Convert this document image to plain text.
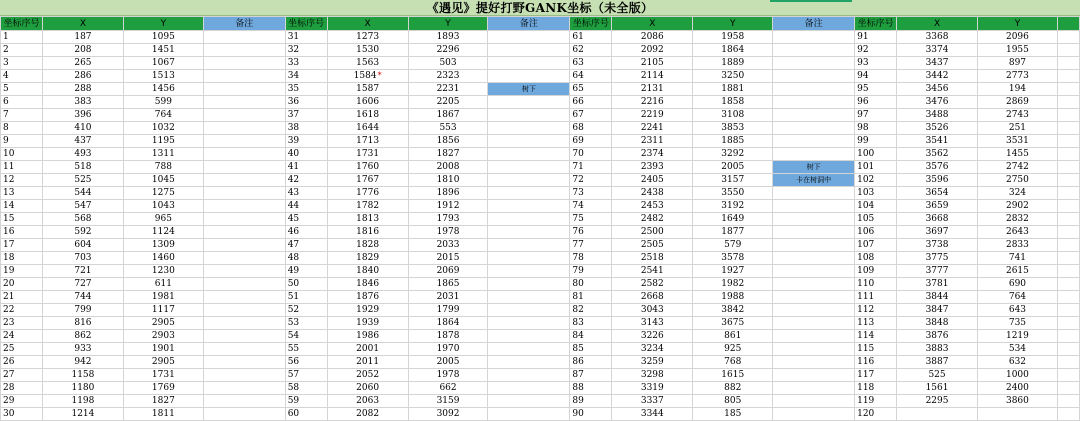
《遇见》提好打野GANK坐标（未全版）
坐标序号	X	Y	备注	坐标序号	X	Y	备注	坐标序号	X	Y	备注	坐标序号	X	Y	
1	187	1095		31	1273	1893		61	2086	1958		91	3368	2096	
2	208	1451		32	1530	2296		62	2092	1864		92	3374	1955	
3	265	1067		33	1563	503		63	2105	1889		93	3437	897	
4	286	1513		34	1584*	2323		64	2114	3250		94	3442	2773	
5	288	1456		35	1587	2231	树下	65	2131	1881		95	3456	194	
6	383	599		36	1606	2205		66	2216	1858		96	3476	2869	
7	396	764		37	1618	1867		67	2219	3108		97	3488	2743	
8	410	1032		38	1644	553		68	2241	3853		98	3526	251	
9	437	1195		39	1713	1856		69	2311	1885		99	3541	3531	
10	493	1311		40	1731	1827		70	2374	3292		100	3562	1455	
11	518	788		41	1760	2008		71	2393	2005	树下	101	3576	2742	
12	525	1045		42	1767	1810		72	2405	3157	卡在树洞中	102	3596	2750	
13	544	1275		43	1776	1896		73	2438	3550		103	3654	324	
14	547	1043		44	1782	1912		74	2453	3192		104	3659	2902	
15	568	965		45	1813	1793		75	2482	1649		105	3668	2832	
16	592	1124		46	1816	1978		76	2500	1877		106	3697	2643	
17	604	1309		47	1828	2033		77	2505	579		107	3738	2833	
18	703	1460		48	1829	2015		78	2518	3578		108	3775	741	
19	721	1230		49	1840	2069		79	2541	1927		109	3777	2615	
20	727	611		50	1846	1865		80	2582	1982		110	3781	690	
21	744	1981		51	1876	2031		81	2668	1988		111	3844	764	
22	799	1117		52	1929	1799		82	3043	3842		112	3847	643	
23	816	2905		53	1939	1864		83	3143	3675		113	3848	735	
24	862	2903		54	1986	1878		84	3226	861		114	3876	1219	
25	933	1901		55	2001	1970		85	3234	925		115	3883	534	
26	942	2905		56	2011	2005		86	3259	768		116	3887	632	
27	1158	1731		57	2052	1978		87	3298	1615		117	525	1000	
28	1180	1769		58	2060	662		88	3319	882		118	1561	2400	
29	1198	1827		59	2063	3159		89	3337	805		119	2295	3860	
30	1214	1811		60	2082	3092		90	3344	185		120			
